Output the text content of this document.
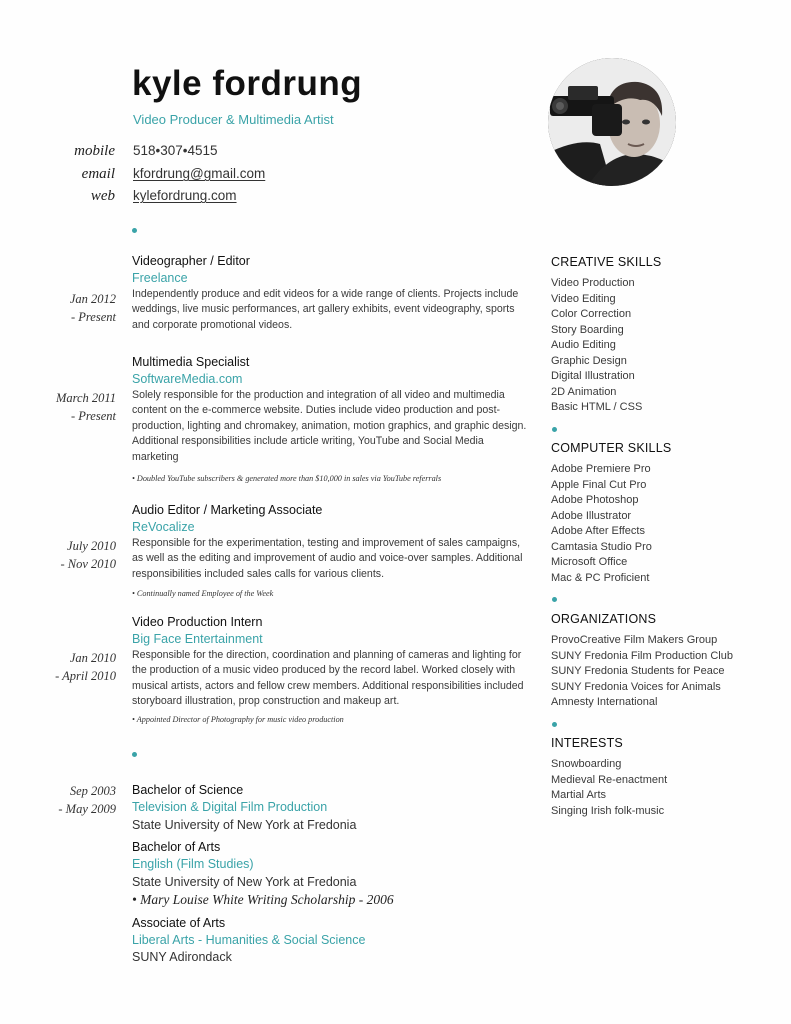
kyle fordrung
Video Producer & Multimedia Artist
mobile 518•307•4515
email kfordrung@gmail.com
web kylefordrung.com
Videographer / Editor
Freelance
Jan 2012
- Present
Independently produce and edit videos for a wide range of clients. Projects include weddings, live music performances, art gallery exhibits, event videography, sports and corporate promotional videos.
Multimedia Specialist
SoftwareMedia.com
March 2011
- Present
Solely responsible for the production and integration of all video and multimedia content on the e-commerce website. Duties include video production and post-production, lighting and chromakey, animation, motion graphics, and graphic design. Additional responsibilities include article writing, YouTube and Social Media marketing
• Doubled YouTube subscribers & generated more than $10,000 in sales via YouTube referrals
Audio Editor / Marketing Associate
ReVocalize
July 2010
- Nov 2010
Responsible for the experimentation, testing and improvement of sales campaigns, as well as the editing and improvement of audio and voice-over samples. Additional responsibilities included sales calls for various clients.
• Continually named Employee of the Week
Video Production Intern
Big Face Entertainment
Jan 2010
- April 2010
Responsible for the direction, coordination and planning of cameras and lighting for the production of a music video produced by the record label. Worked closely with musical artists, actors and fellow crew members. Additional responsibilities included storyboard illustration, prop construction and makeup art.
• Appointed Director of Photography for music video production
Sep 2003
- May 2009
Bachelor of Science
Television & Digital Film Production
State University of New York at Fredonia
Bachelor of Arts
English (Film Studies)
State University of New York at Fredonia
• Mary Louise White Writing Scholarship - 2006
Associate of Arts
Liberal Arts - Humanities & Social Science
SUNY Adirondack
CREATIVE SKILLS
Video Production
Video Editing
Color Correction
Story Boarding
Audio Editing
Graphic Design
Digital Illustration
2D Animation
Basic HTML / CSS
COMPUTER SKILLS
Adobe Premiere Pro
Apple Final Cut Pro
Adobe Photoshop
Adobe Illustrator
Adobe After Effects
Camtasia Studio Pro
Microsoft Office
Mac & PC Proficient
ORGANIZATIONS
ProvoCreative Film Makers Group
SUNY Fredonia Film Production Club
SUNY Fredonia Students for Peace
SUNY Fredonia Voices for Animals
Amnesty International
INTERESTS
Snowboarding
Medieval Re-enactment
Martial Arts
Singing Irish folk-music
